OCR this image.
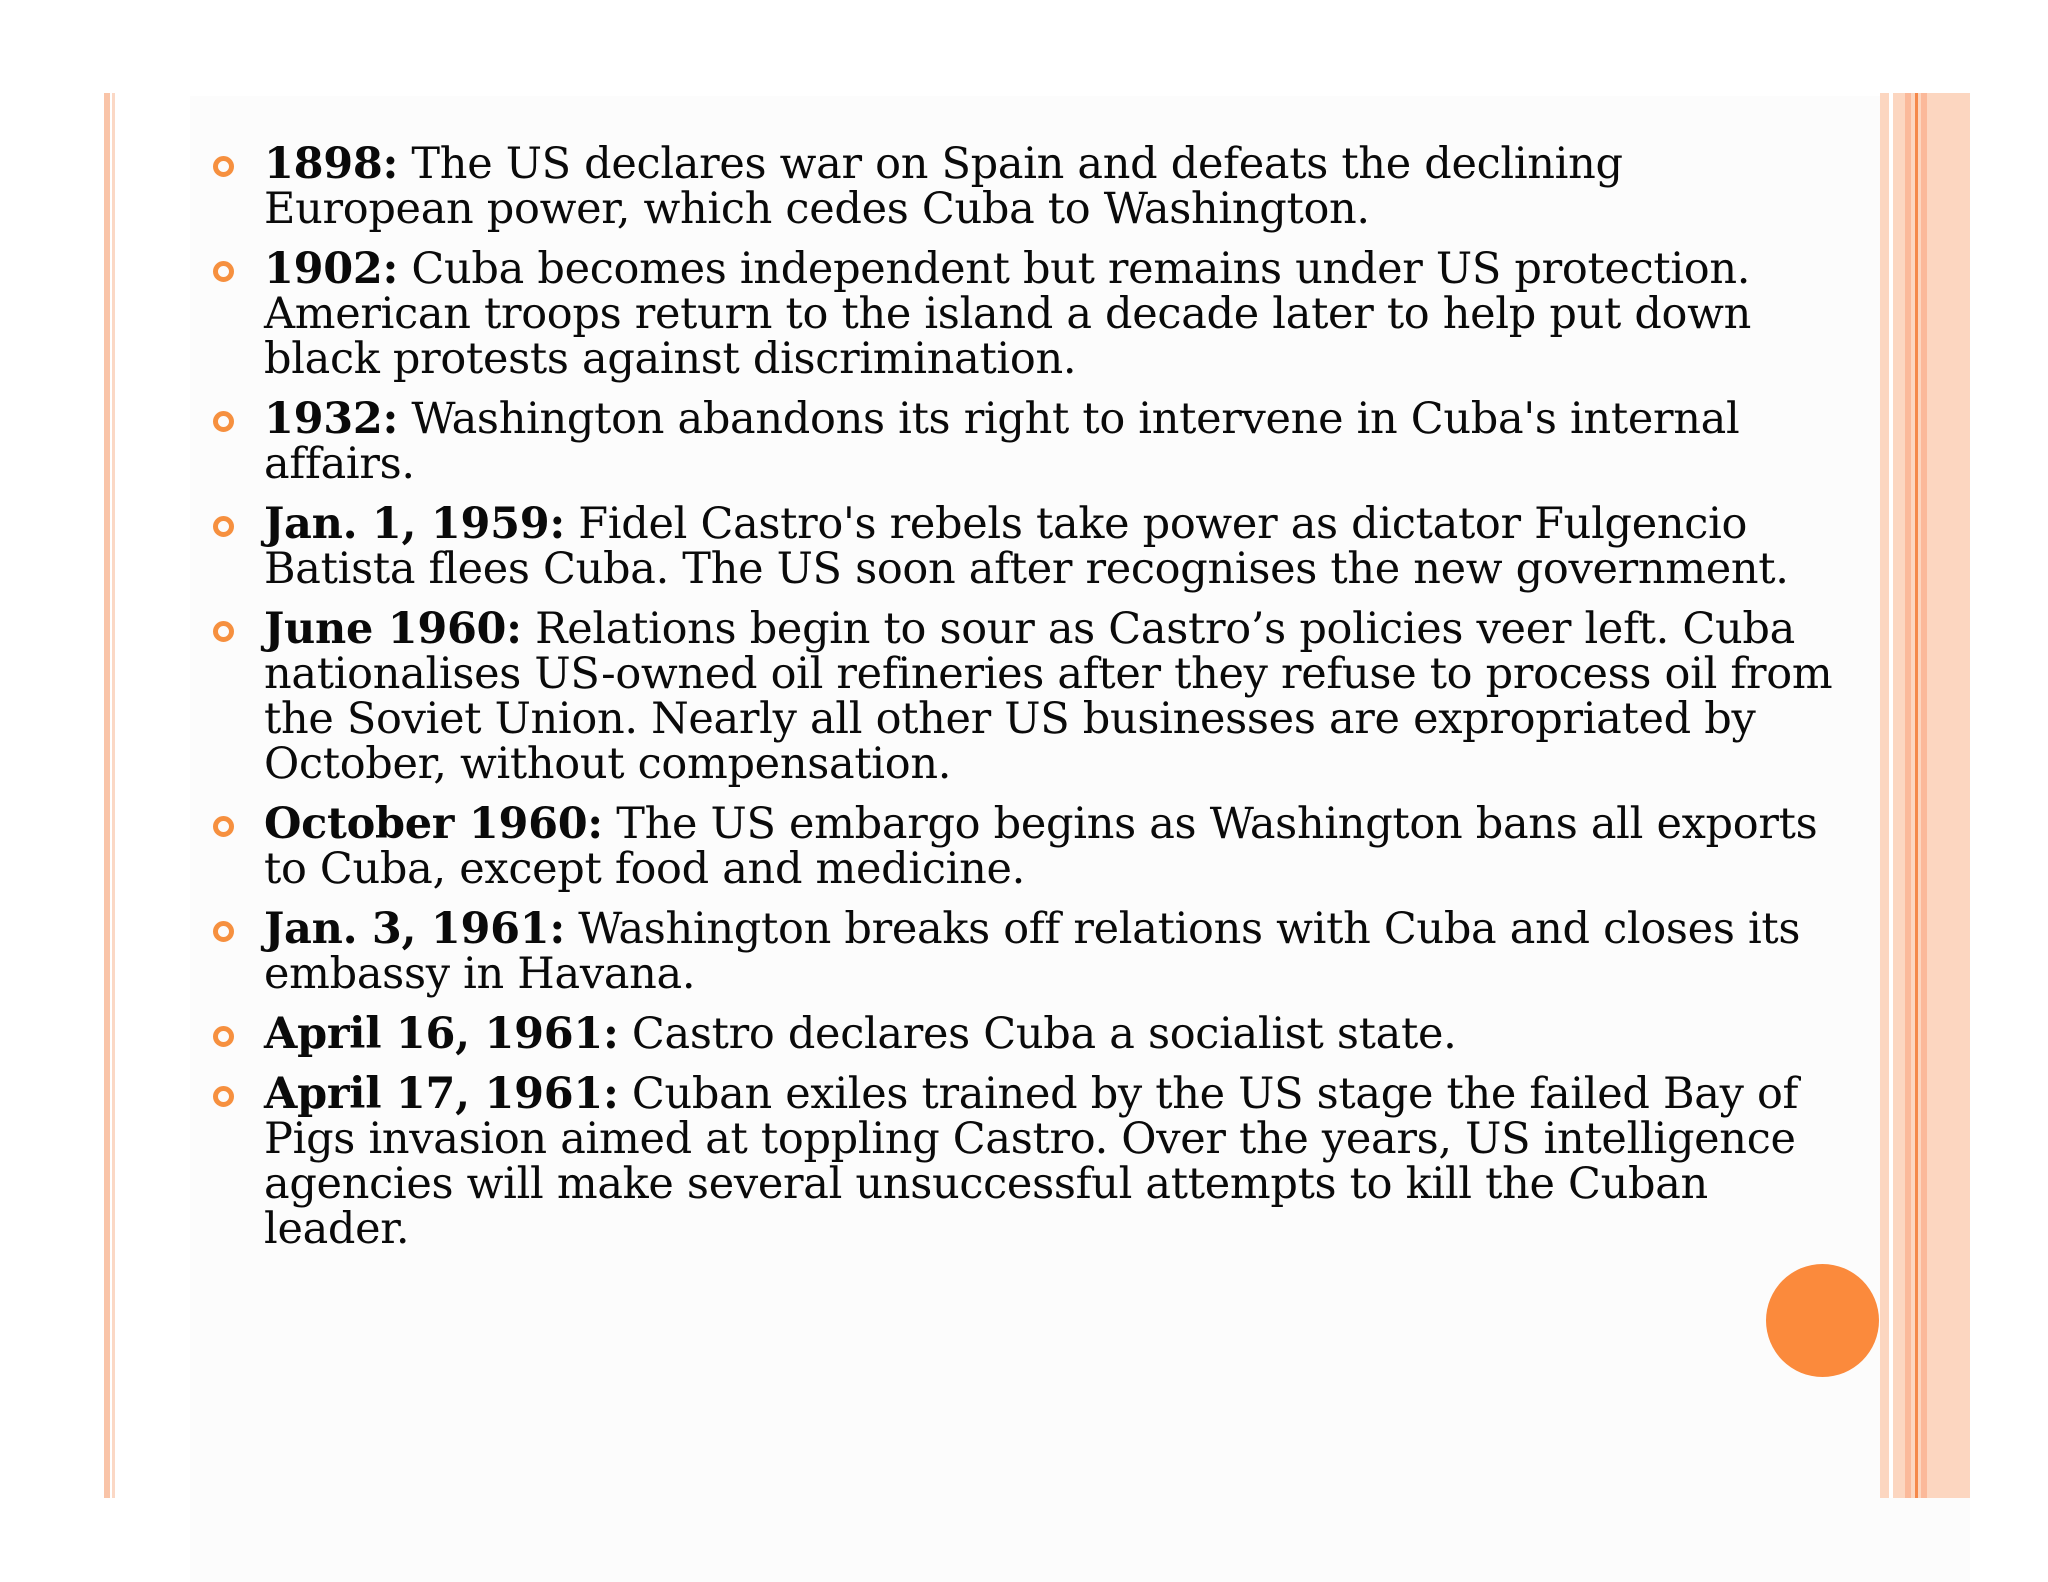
1898: The US declares war on Spain and defeats the declining European power, which cedes Cuba to Washington.
1902: Cuba becomes independent but remains under US protection. American troops return to the island a decade later to help put down black protests against discrimination.
1932: Washington abandons its right to intervene in Cuba's internal affairs.
Jan. 1, 1959: Fidel Castro's rebels take power as dictator Fulgencio Batista flees Cuba. The US soon after recognises the new government.
June 1960: Relations begin to sour as Castro’s policies veer left. Cuba nationalises US-owned oil refineries after they refuse to process oil from the Soviet Union. Nearly all other US businesses are expropriated by October, without compensation.
October 1960: The US embargo begins as Washington bans all exports to Cuba, except food and medicine.
Jan. 3, 1961: Washington breaks off relations with Cuba and closes its embassy in Havana.
April 16, 1961: Castro declares Cuba a socialist state.
April 17, 1961: Cuban exiles trained by the US stage the failed Bay of Pigs invasion aimed at toppling Castro. Over the years, US intelligence agencies will make several unsuccessful attempts to kill the Cuban leader.
